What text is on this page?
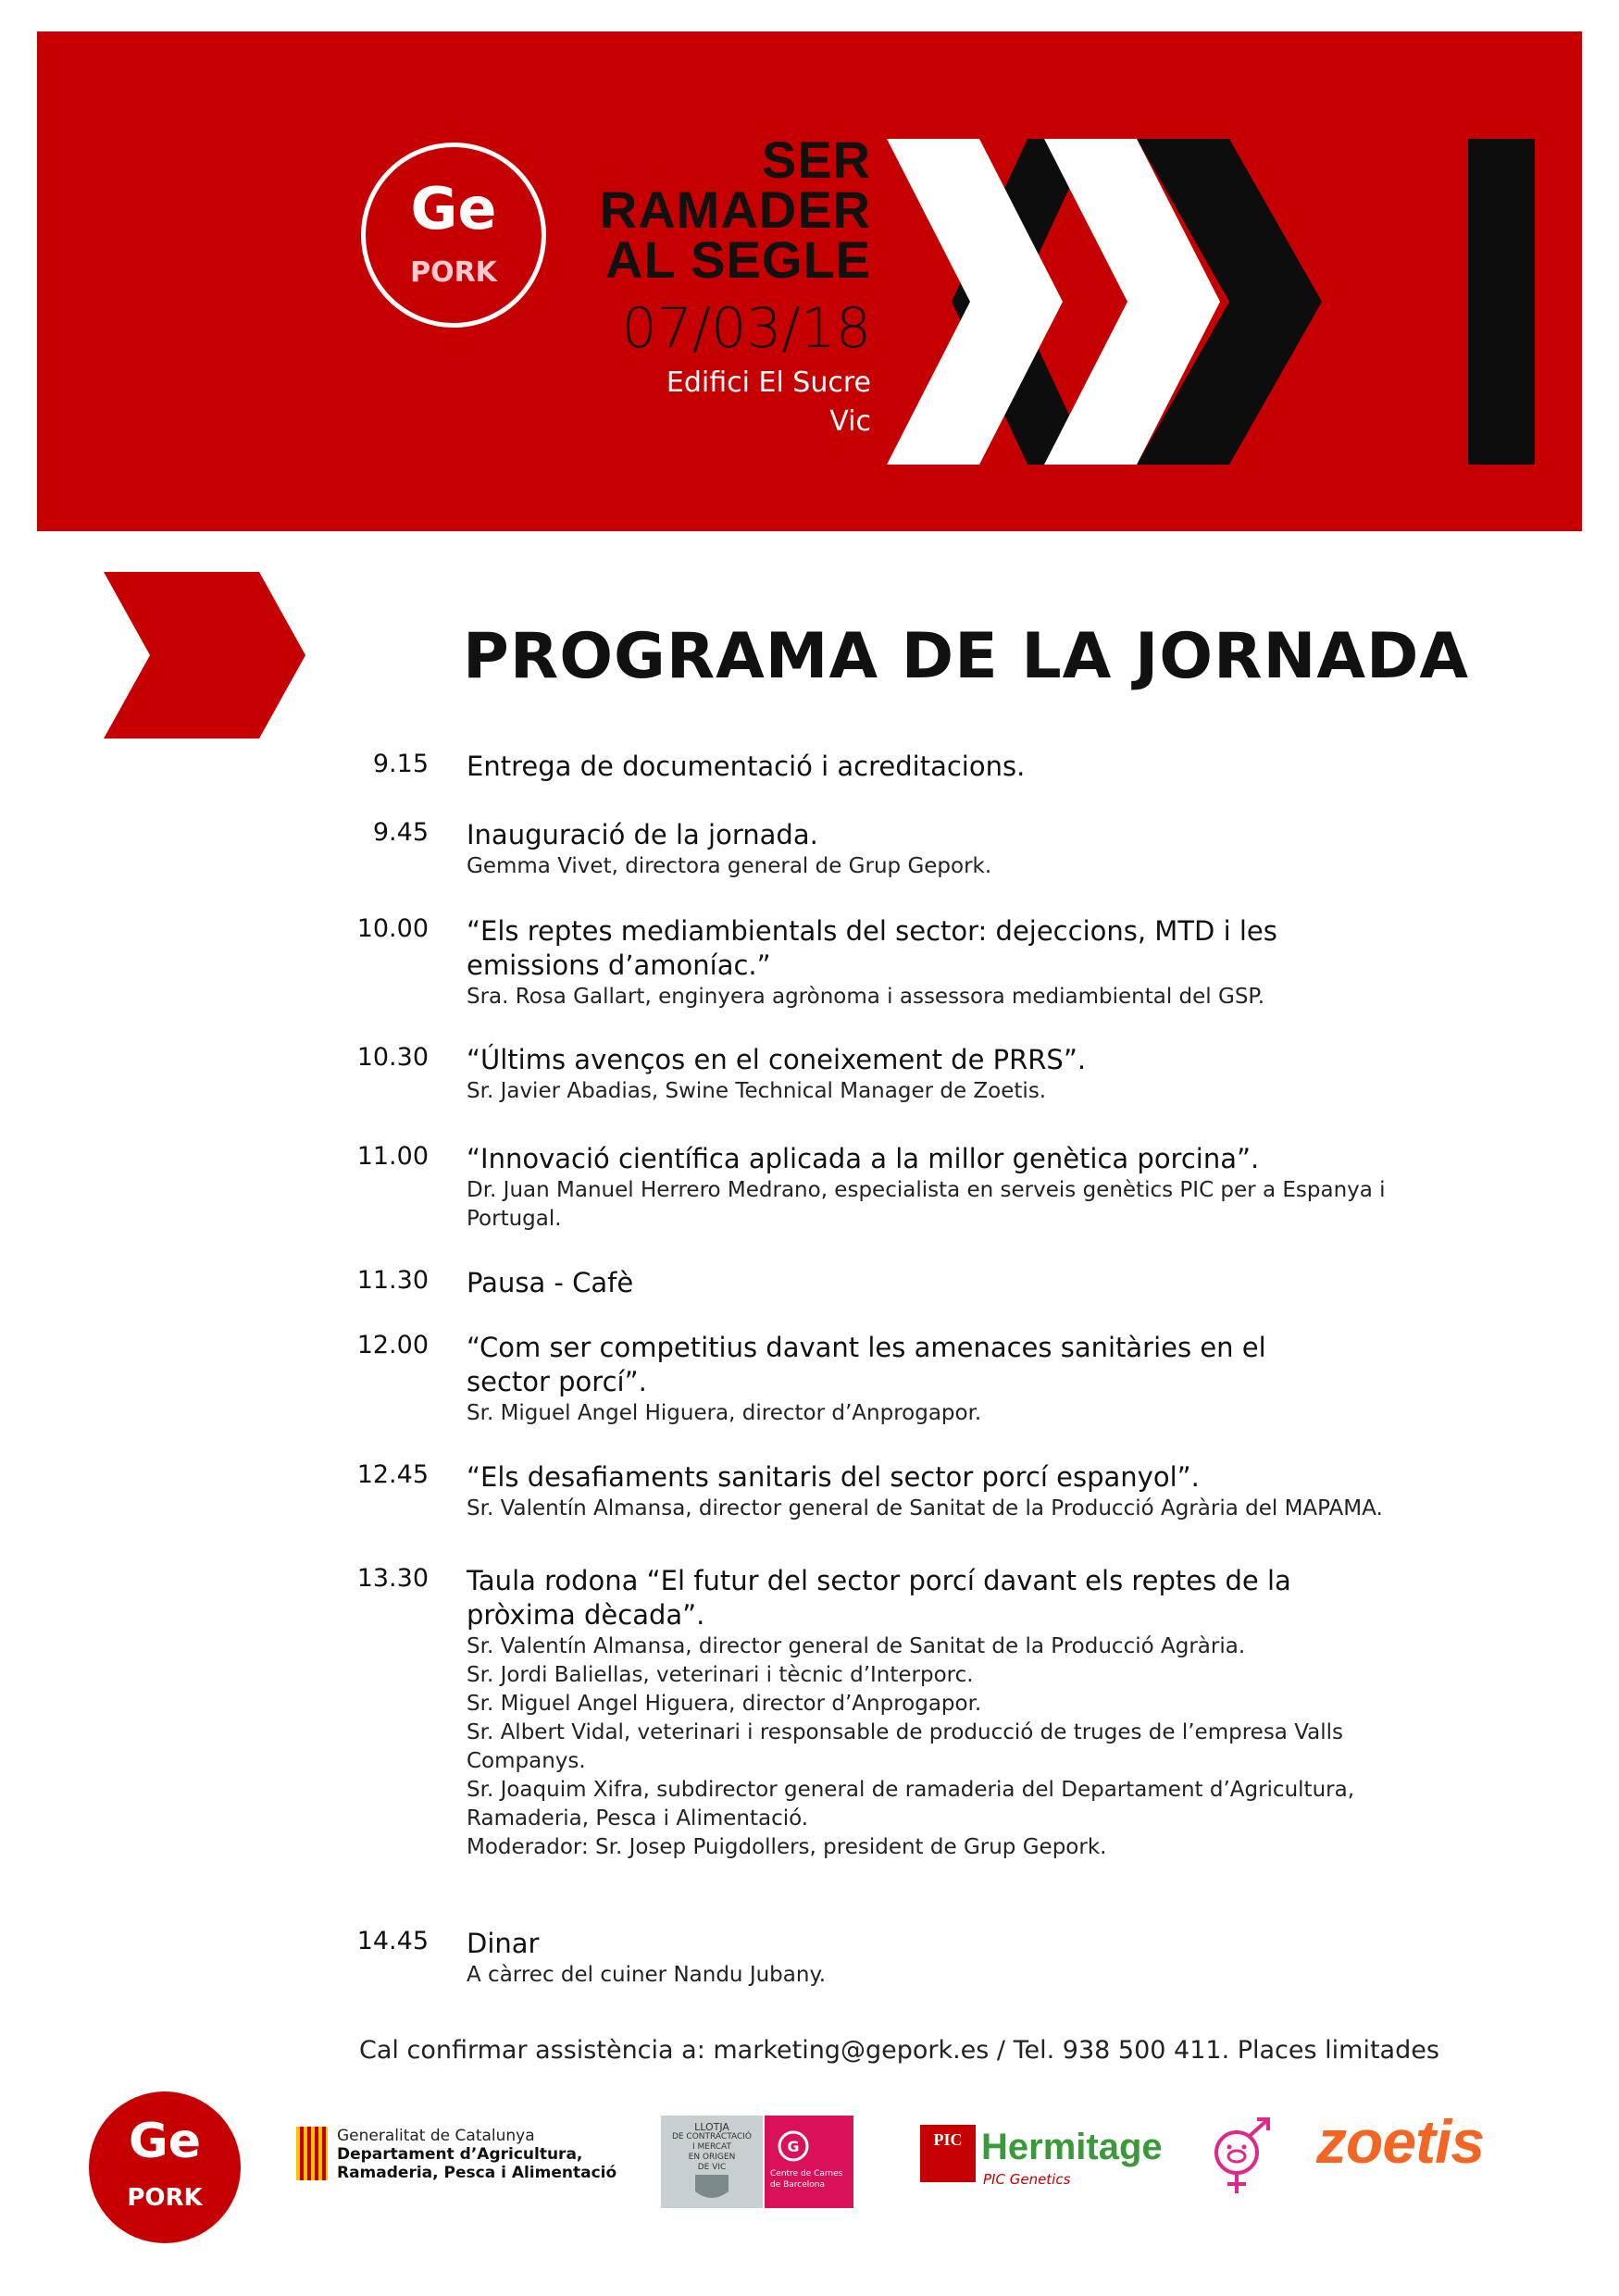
Ge
PORK
SER
RAMADER
AL SEGLE
07/03/18
Edifici El Sucre
Vic
PROGRAMA DE LA JORNADA
9.15 Entrega de documentació i acreditacions.
9.45 Inauguració de la jornada.
Gemma Vivet, directora general de Grup Gepork.
10.00 “Els reptes mediambientals del sector: dejeccions, MTD i les emissions d’amoníac.”
Sra. Rosa Gallart, enginyera agrònoma i assessora mediambiental del GSP.
10.30 “Últims avenços en el coneixement de PRRS”.
Sr. Javier Abadias, Swine Technical Manager de Zoetis.
11.00 “Innovació científica aplicada a la millor genètica porcina”.
Dr. Juan Manuel Herrero Medrano, especialista en serveis genètics PIC per a Espanya i Portugal.
11.30 Pausa - Cafè
12.00 “Com ser competitius davant les amenaces sanitàries en el sector porcí”.
Sr. Miguel Angel Higuera, director d’Anprogapor.
12.45 “Els desafiaments sanitaris del sector porcí espanyol”.
Sr. Valentín Almansa, director general de Sanitat de la Producció Agrària del MAPAMA.
13.30 Taula rodona “El futur del sector porcí davant els reptes de la pròxima dècada”.
Sr. Valentín Almansa, director general de Sanitat de la Producció Agrària.
Sr. Jordi Baliellas, veterinari i tècnic d’Interporc.
Sr. Miguel Angel Higuera, director d’Anprogapor.
Sr. Albert Vidal, veterinari i responsable de producció de truges de l’empresa Valls Companys.
Sr. Joaquim Xifra, subdirector general de ramaderia del Departament d’Agricultura, Ramaderia, Pesca i Alimentació.
Moderador: Sr. Josep Puigdollers, president de Grup Gepork.
14.45 Dinar
A càrrec del cuiner Nandu Jubany.
Cal confirmar assistència a: marketing@gepork.es / Tel. 938 500 411. Places limitades
Ge
PORK
Generalitat de Catalunya
Departament d’Agricultura,
Ramaderia, Pesca i Alimentació
LLOTJA
DE CONTRACTACIÓ
I MERCAT
EN ORIGEN
DE VIC
G
Centre de Carnes
de Barcelona
PIC Hermitage
PIC Genetics
zoetis
